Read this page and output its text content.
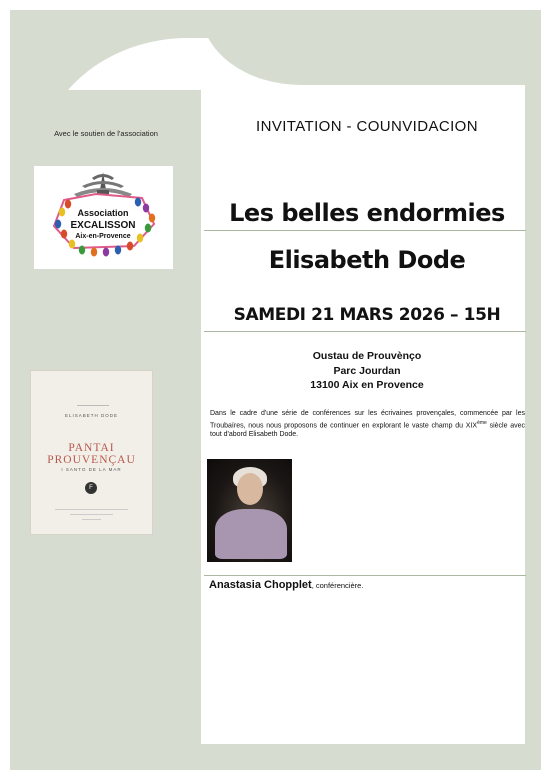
Avec le soutien de l'association
Association
EXCALISSON
Aix-en-Provence
ELISABETH DODE
PANTAI PROUVENÇAU
I SANTO DE LA MAR
F
INVITATION - COUNVIDACION
Les belles endormies
Elisabeth Dode
SAMEDI 21 MARS 2026 – 15H
Oustau de Prouvènço
Parc Jourdan
13100 Aix en Provence
Dans le cadre d'une série de conférences sur les écrivaines provençales, commencée par les Troubaïres, nous nous proposons de continuer en explorant le vaste champ du XIXème siècle avec tout d'abord Elisabeth Dode.
Anastasia Chopplet, conférencière.
